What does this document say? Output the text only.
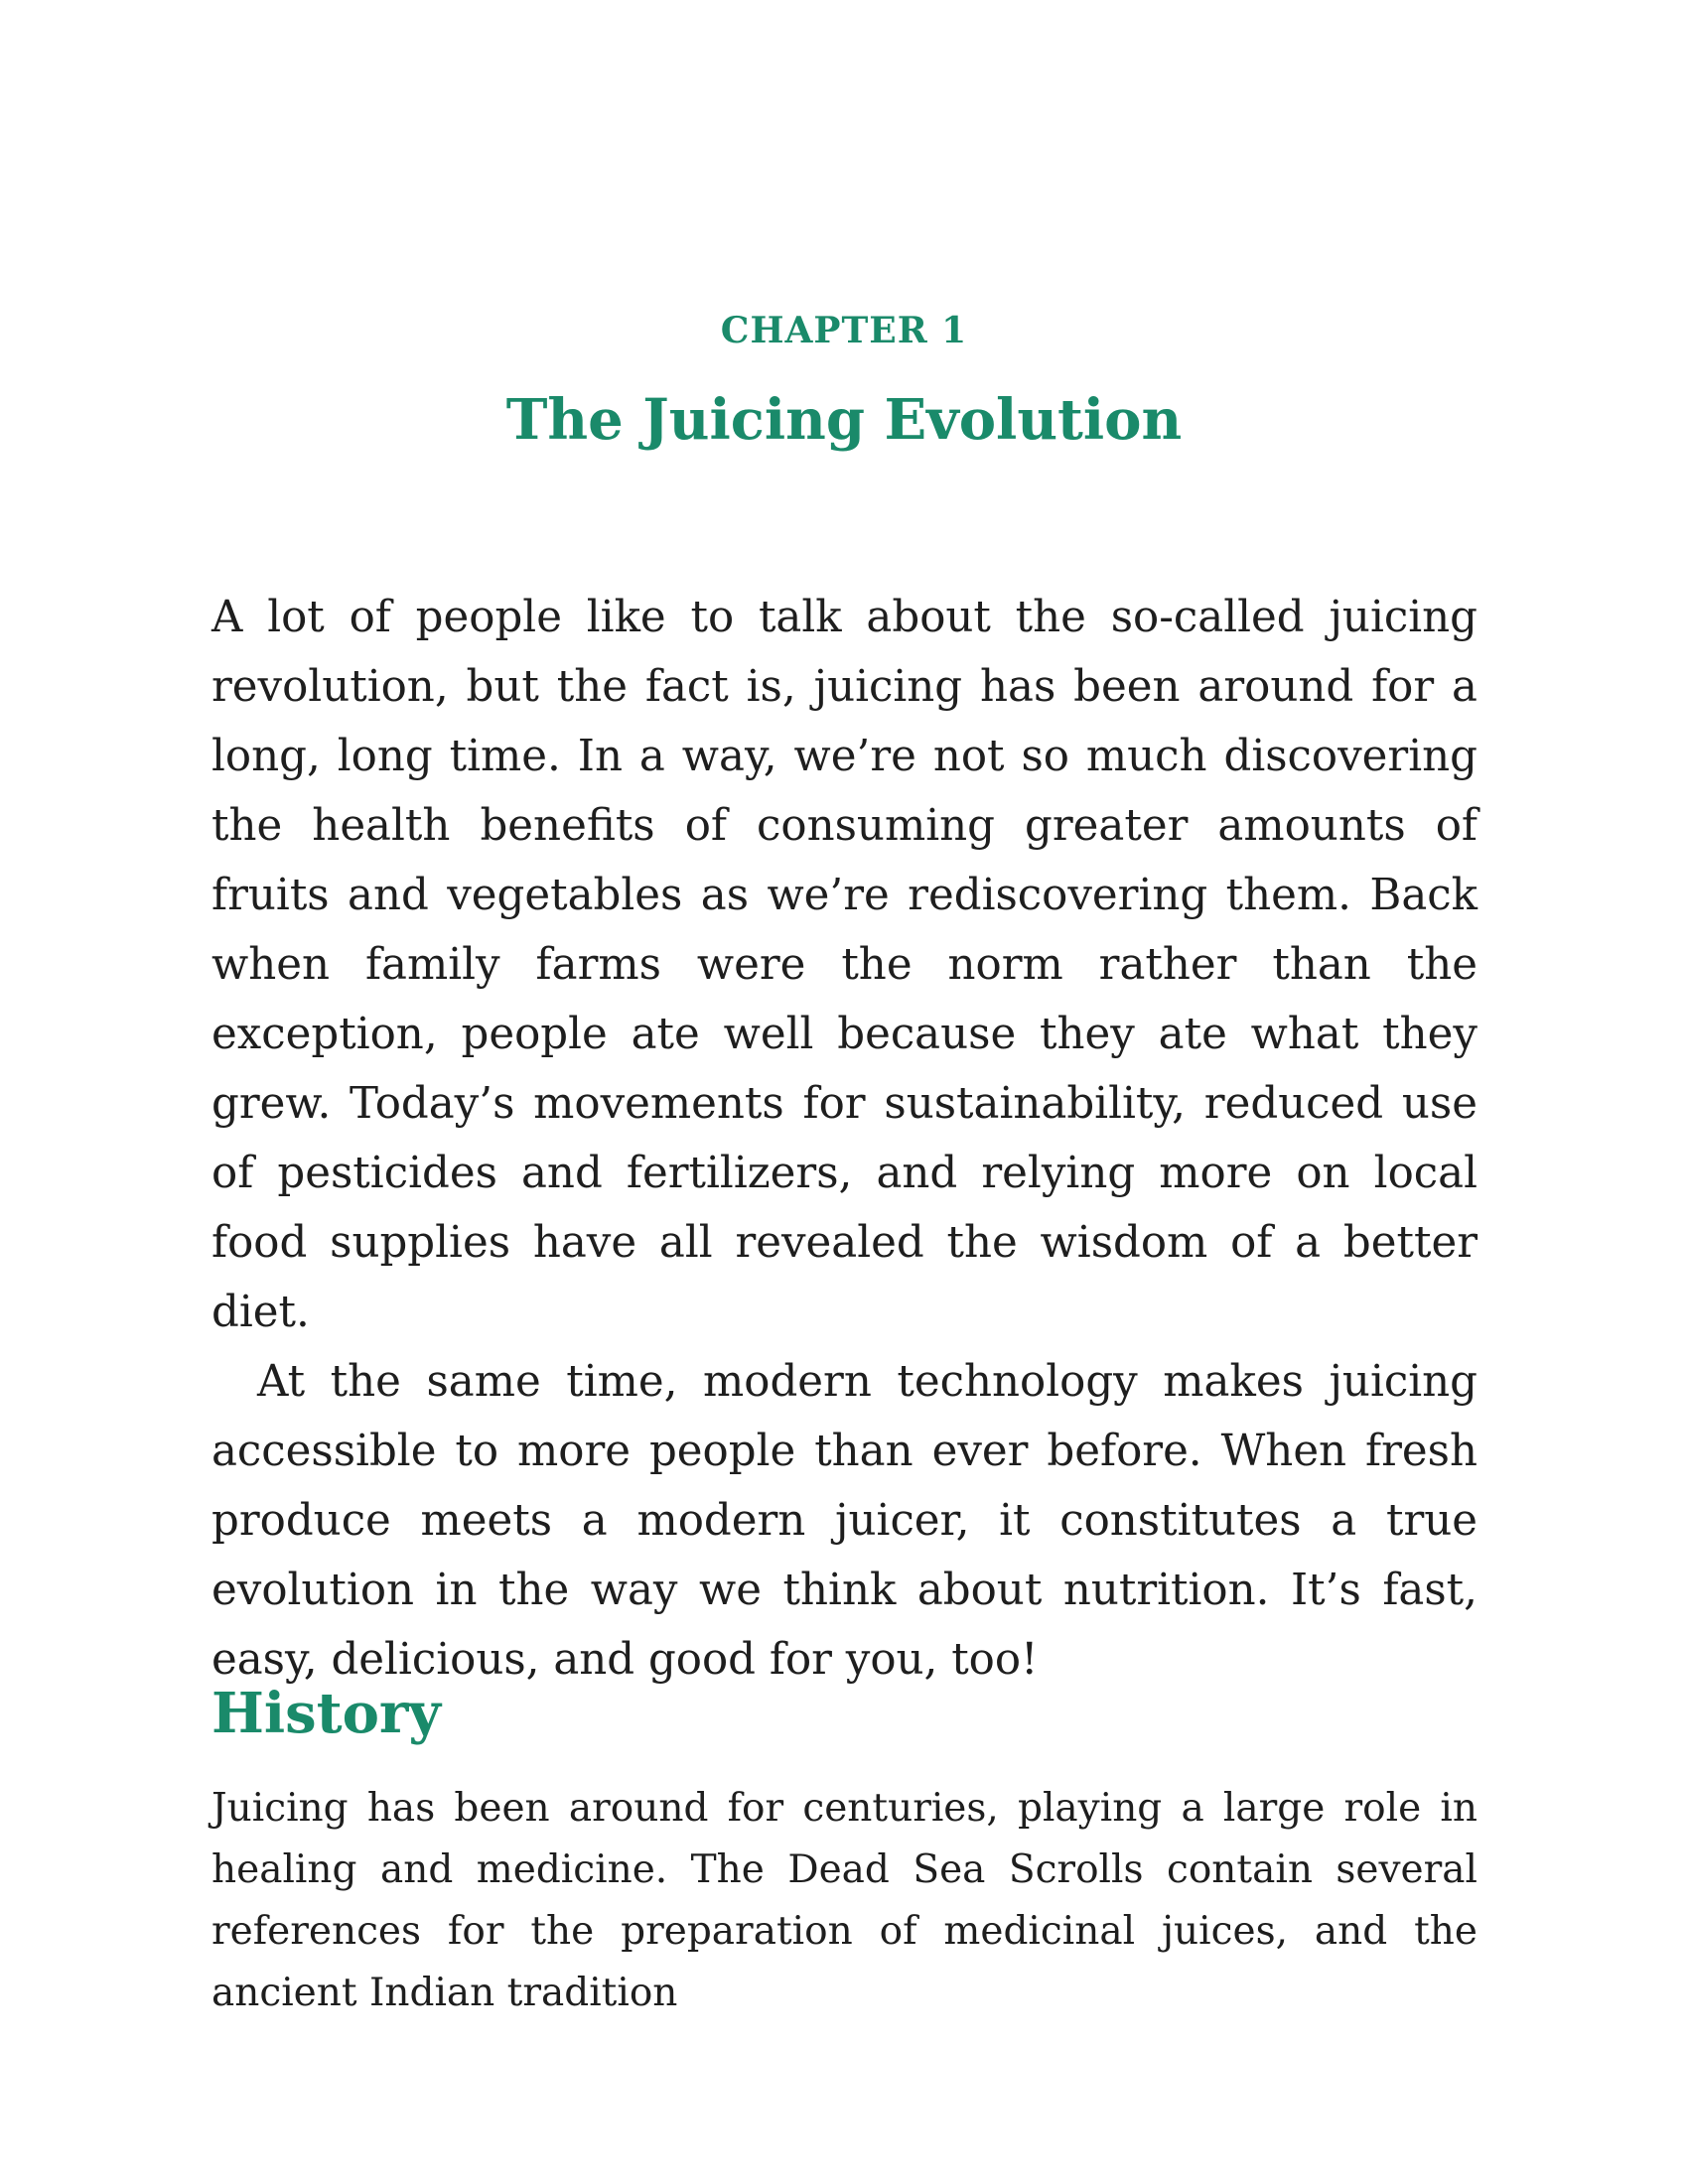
CHAPTER 1
The Juicing Evolution

A lot of people like to talk about the so-called juicing revolution, but the fact is, juicing has been around for a long, long time. In a way, we’re not so much discovering the health benefits of consuming greater amounts of fruits and vegetables as we’re rediscovering them. Back when family farms were the norm rather than the exception, people ate well because they ate what they grew. Today’s movements for sustainability, reduced use of pesticides and fertilizers, and relying more on local food supplies have all revealed the wisdom of a better diet.

At the same time, modern technology makes juicing accessible to more people than ever before. When fresh produce meets a modern juicer, it constitutes a true evolution in the way we think about nutrition. It’s fast, easy, delicious, and good for you, too!

History

Juicing has been around for centuries, playing a large role in healing and medicine. The Dead Sea Scrolls contain several references for the preparation of medicinal juices, and the ancient Indian tradition
